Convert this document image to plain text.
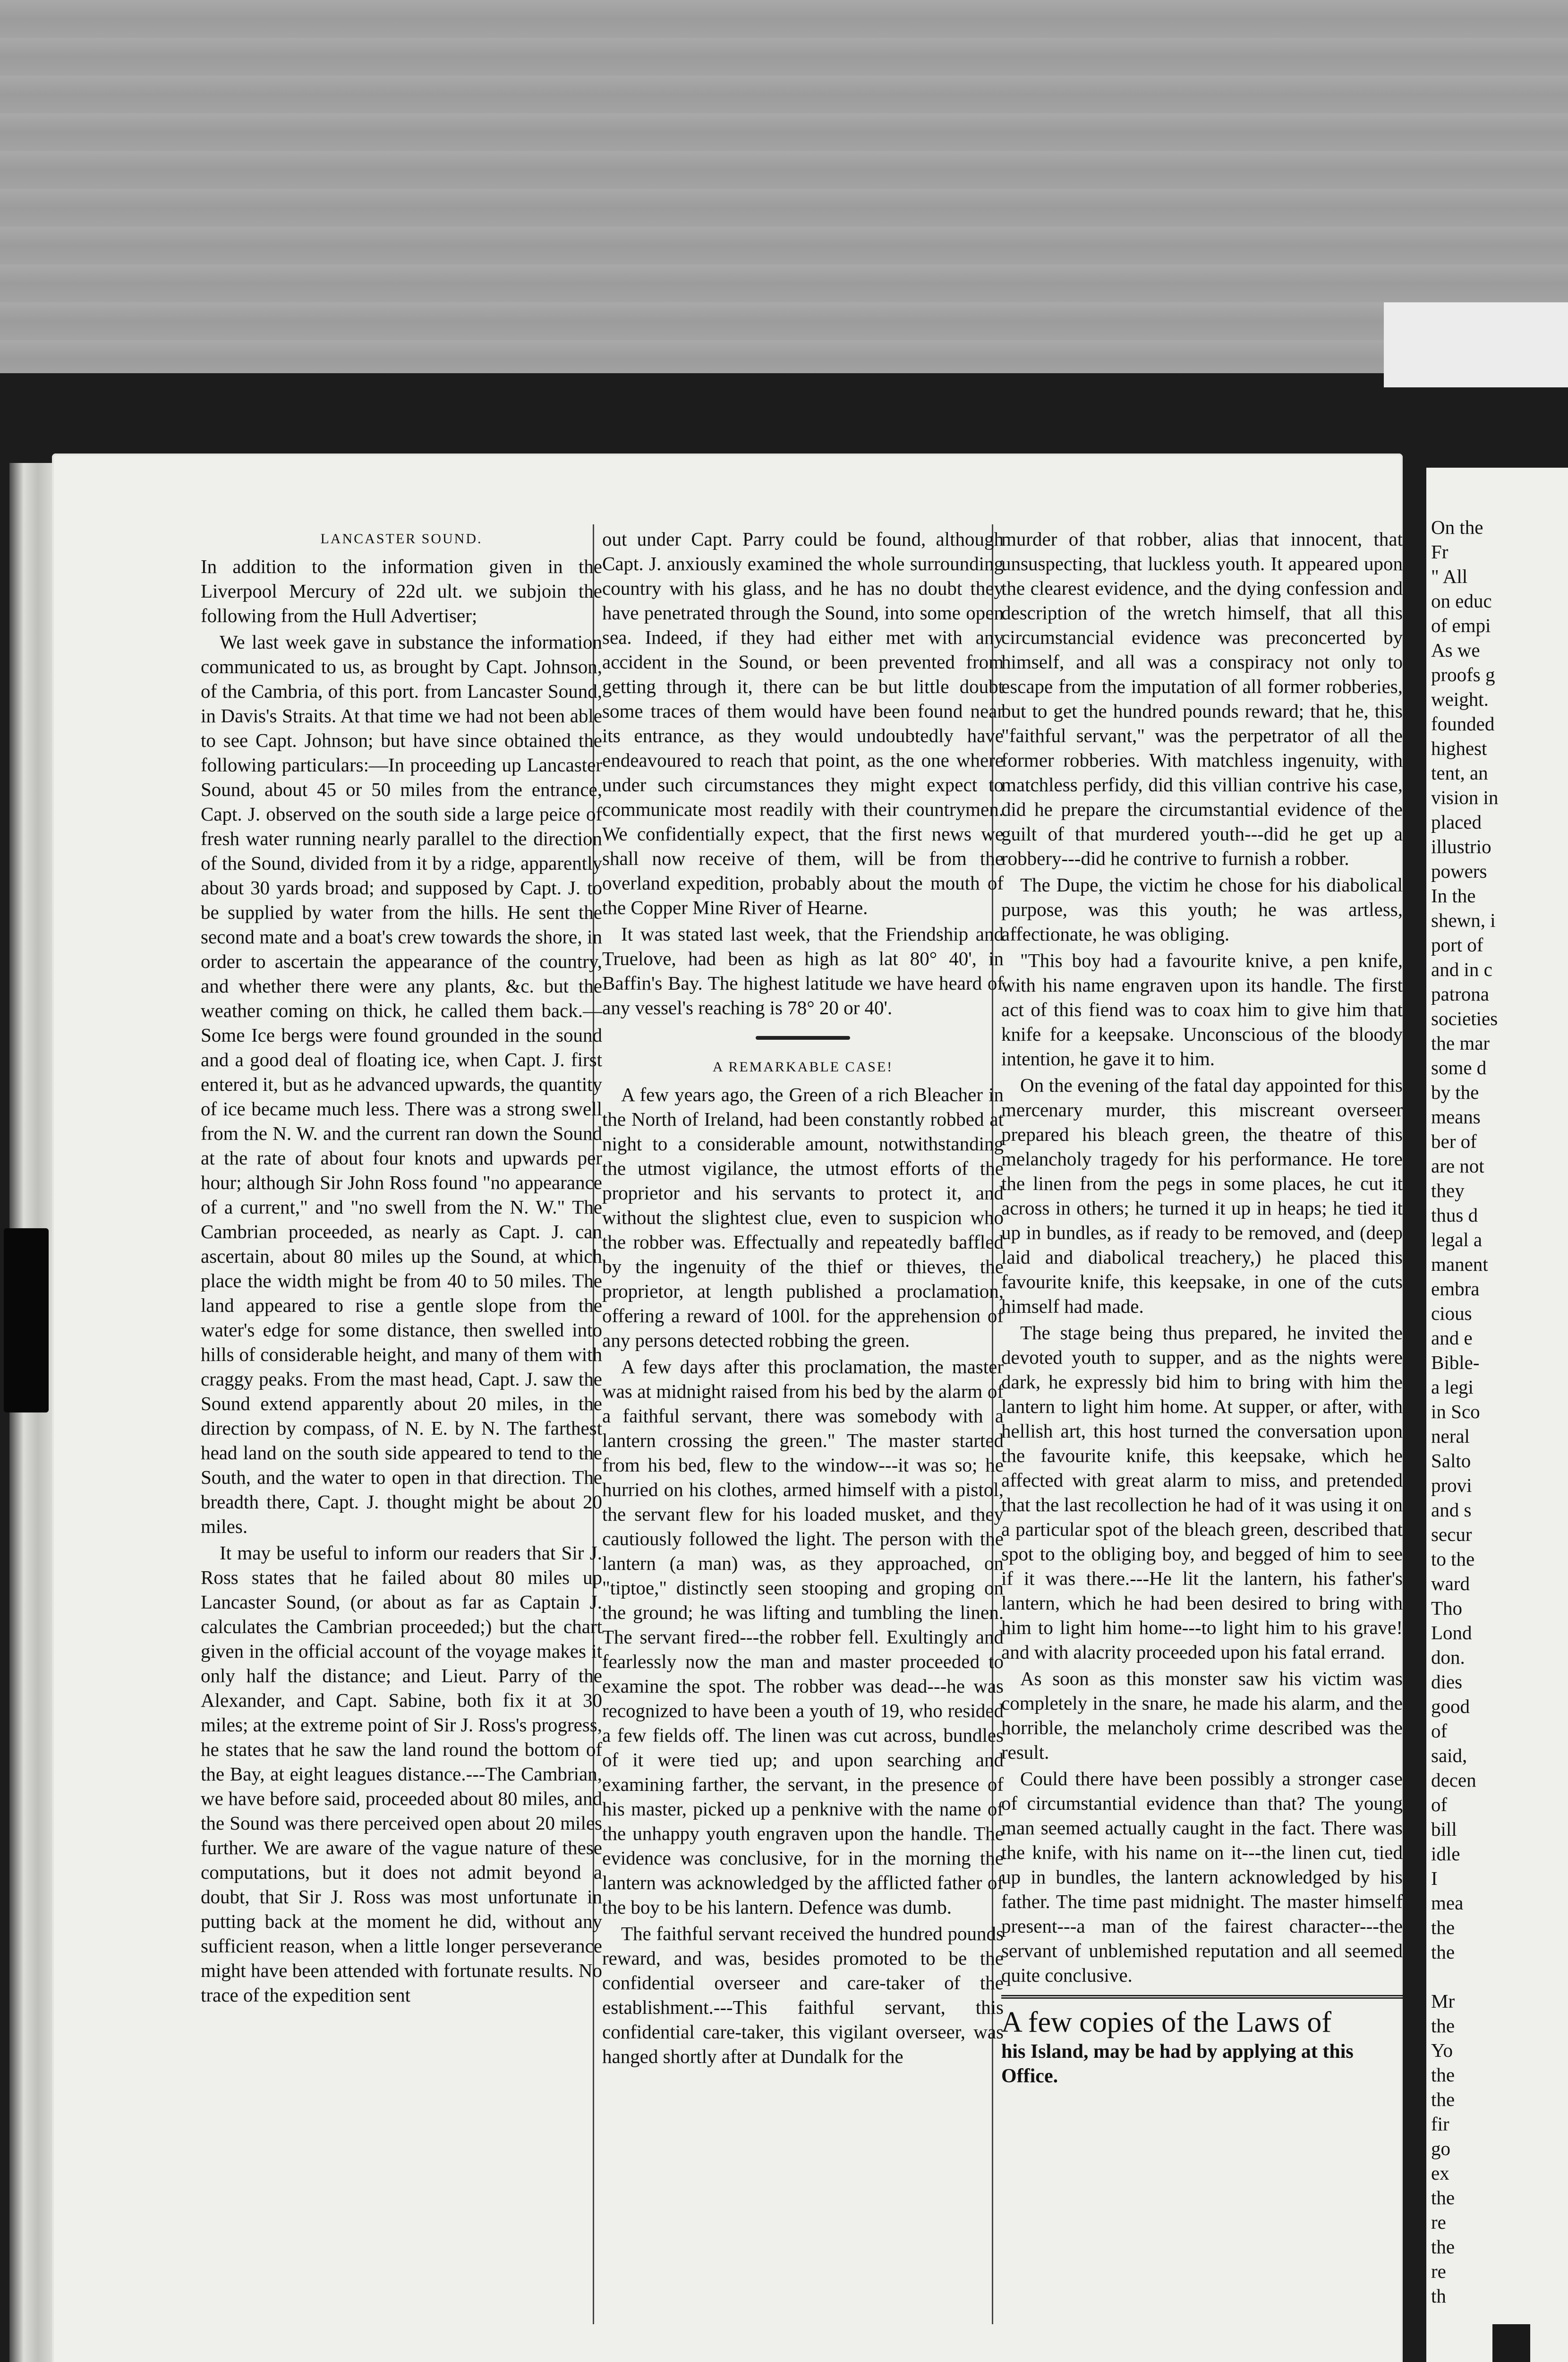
LANCASTER SOUND.

In addition to the information given in the Liverpool Mercury of 22d ult. we subjoin the following from the Hull Advertiser;

We last week gave in substance the information communicated to us, as brought by Capt. Johnson, of the Cambria, of this port. from Lancaster Sound, in Davis's Straits. At that time we had not been able to see Capt. Johnson; but have since obtained the following particulars:—In proceeding up Lancaster Sound, about 45 or 50 miles from the entrance, Capt. J. observed on the south side a large peice of fresh water running nearly parallel to the direction of the Sound, divided from it by a ridge, apparently about 30 yards broad; and supposed by Capt. J. to be supplied by water from the hills. He sent the second mate and a boat's crew towards the shore, in order to ascertain the appearance of the country, and whether there were any plants, &c. but the weather coming on thick, he called them back.—Some Ice bergs were found grounded in the sound and a good deal of floating ice, when Capt. J. first entered it, but as he advanced upwards, the quantity of ice became much less. There was a strong swell from the N. W. and the current ran down the Sound at the rate of about four knots and upwards per hour; although Sir John Ross found "no appearance of a current," and "no swell from the N. W." The Cambrian proceeded, as nearly as Capt. J. can ascertain, about 80 miles up the Sound, at which place the width might be from 40 to 50 miles. The land appeared to rise a gentle slope from the water's edge for some distance, then swelled into hills of considerable height, and many of them with craggy peaks. From the mast head, Capt. J. saw the Sound extend apparently about 20 miles, in the direction by compass, of N. E. by N. The farthest head land on the south side appeared to tend to the South, and the water to open in that direction. The breadth there, Capt. J. thought might be about 20 miles.

It may be useful to inform our readers that Sir J. Ross states that he failed about 80 miles up Lancaster Sound, (or about as far as Captain J. calculates the Cambrian proceeded;) but the chart given in the official account of the voyage makes it only half the distance; and Lieut. Parry of the Alexander, and Capt. Sabine, both fix it at 30 miles; at the extreme point of Sir J. Ross's progress, he states that he saw the land round the bottom of the Bay, at eight leagues distance.---The Cambrian, we have before said, proceeded about 80 miles, and the Sound was there perceived open about 20 miles further. We are aware of the vague nature of these computations, but it does not admit beyond a doubt, that Sir J. Ross was most unfortunate in putting back at the moment he did, without any sufficient reason, when a little longer perseverance might have been attended with fortunate results. No trace of the expedition sent

out under Capt. Parry could be found, although Capt. J. anxiously examined the whole surrounding country with his glass, and he has no doubt they have penetrated through the Sound, into some open sea. Indeed, if they had either met with any accident in the Sound, or been prevented from getting through it, there can be but little doubt some traces of them would have been found near its entrance, as they would undoubtedly have endeavoured to reach that point, as the one where under such circumstances they might expect to communicate most readily with their countrymen. We confidentially expect, that the first news we shall now receive of them, will be from the overland expedition, probably about the mouth of the Copper Mine River of Hearne.

It was stated last week, that the Friendship and Truelove, had been as high as lat 80° 40', in Baffin's Bay. The highest latitude we have heard of any vessel's reaching is 78° 20 or 40'.

A REMARKABLE CASE!

A few years ago, the Green of a rich Bleacher in the North of Ireland, had been constantly robbed at night to a considerable amount, notwithstanding the utmost vigilance, the utmost efforts of the proprietor and his servants to protect it, and without the slightest clue, even to suspicion who the robber was. Effectually and repeatedly baffled by the ingenuity of the thief or thieves, the proprietor, at length published a proclamation, offering a reward of 100l. for the apprehension of any persons detected robbing the green.

A few days after this proclamation, the master was at midnight raised from his bed by the alarm of a faithful servant, there was somebody with a lantern crossing the green." The master started from his bed, flew to the window---it was so; he hurried on his clothes, armed himself with a pistol, the servant flew for his loaded musket, and they cautiously followed the light. The person with the lantern (a man) was, as they approached, on "tiptoe," distinctly seen stooping and groping on the ground; he was lifting and tumbling the linen. The servant fired---the robber fell. Exultingly and fearlessly now the man and master proceeded to examine the spot. The robber was dead---he was recognized to have been a youth of 19, who resided a few fields off. The linen was cut across, bundles of it were tied up; and upon searching and examining farther, the servant, in the presence of his master, picked up a penknive with the name of the unhappy youth engraven upon the handle. The evidence was conclusive, for in the morning the lantern was acknowledged by the afflicted father of the boy to be his lantern. Defence was dumb.

The faithful servant received the hundred pounds reward, and was, besides promoted to be the confidential overseer and care-taker of the establishment.---This faithful servant, this confidential care-taker, this vigilant overseer, was hanged shortly after at Dundalk for the

murder of that robber, alias that innocent, that unsuspecting, that luckless youth. It appeared upon the clearest evidence, and the dying confession and description of the wretch himself, that all this circumstancial evidence was preconcerted by himself, and all was a conspiracy not only to escape from the imputation of all former robberies, but to get the hundred pounds reward; that he, this "faithful servant," was the perpetrator of all the former robberies. With matchless ingenuity, with matchless perfidy, did this villian contrive his case, did he prepare the circumstantial evidence of the guilt of that murdered youth---did he get up a robbery---did he contrive to furnish a robber.

The Dupe, the victim he chose for his diabolical purpose, was this youth; he was artless, affectionate, he was obliging.

"This boy had a favourite knive, a pen knife, with his name engraven upon its handle. The first act of this fiend was to coax him to give him that knife for a keepsake. Unconscious of the bloody intention, he gave it to him.

On the evening of the fatal day appointed for this mercenary murder, this miscreant overseer prepared his bleach green, the theatre of this melancholy tragedy for his performance. He tore the linen from the pegs in some places, he cut it across in others; he turned it up in heaps; he tied it up in bundles, as if ready to be removed, and (deep laid and diabolical treachery,) he placed this favourite knife, this keepsake, in one of the cuts himself had made.

The stage being thus prepared, he invited the devoted youth to supper, and as the nights were dark, he expressly bid him to bring with him the lantern to light him home. At supper, or after, with hellish art, this host turned the conversation upon the favourite knife, this keepsake, which he affected with great alarm to miss, and pretended that the last recollection he had of it was using it on a particular spot of the bleach green, described that spot to the obliging boy, and begged of him to see if it was there.---He lit the lantern, his father's lantern, which he had been desired to bring with him to light him home---to light him to his grave! and with alacrity proceeded upon his fatal errand.

As soon as this monster saw his victim was completely in the snare, he made his alarm, and the horrible, the melancholy crime described was the result.

Could there have been possibly a stronger case of circumstantial evidence than that? The young man seemed actually caught in the fact. There was the knife, with his name on it---the linen cut, tied up in bundles, the lantern acknowledged by his father. The time past midnight. The master himself present---a man of the fairest character---the servant of unblemished reputation and all seemed quite conclusive.

A few copies of the Laws of
his Island, may be had by applying at this Office.
On the
Fr
" All
on educ
of empi
As we
proofs g
weight.
founded
highest
tent, an
vision in
placed
illustrio
powers
In the
shewn, i
port of
and in c
patrona
societies
the mar
some d
by the
means
ber of
are not
they
thus d
legal a
manent
embra
cious
and e
Bible-
a legi
in Sco
neral
Salto
provi
and s
secur
to the
ward
Tho
Lond
don.
dies
good
of
said,
decen
of
bill
idle
I
mea
the
the

Mr
the
Yo
the
the
fir
go
ex
the
re
the
re
th
